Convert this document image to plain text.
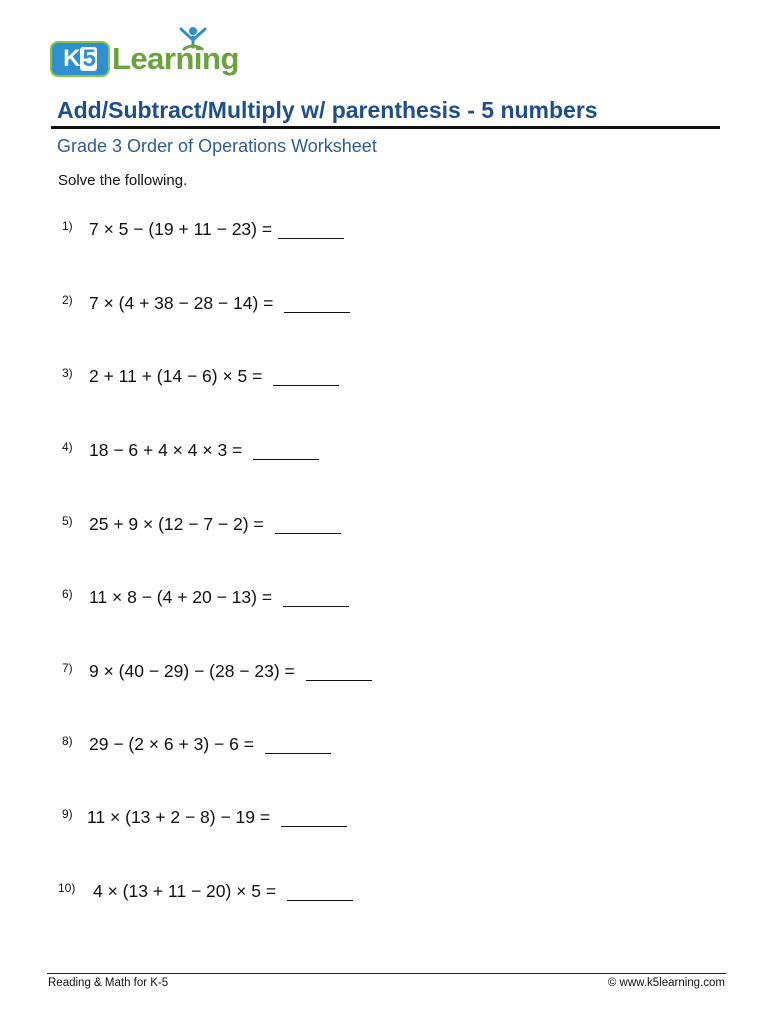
K 5 Learning
Add/Subtract/Multiply w/ parenthesis - 5 numbers
Grade 3 Order of Operations Worksheet

Solve the following.

1) 7 × 5 − (19 + 11 − 23) =
2) 7 × (4 + 38 − 28 − 14) =
3) 2 + 11 + (14 − 6) × 5 =
4) 18 − 6 + 4 × 4 × 3 =
5) 25 + 9 × (12 − 7 − 2) =
6) 11 × 8 − (4 + 20 − 13) =
7) 9 × (40 − 29) − (28 − 23) =
8) 29 − (2 × 6 + 3) − 6 =
9) 11 × (13 + 2 − 8) − 19 =
10) 4 × (13 + 11 − 20) × 5 =
Reading & Math for K-5	© www.k5learning.com
